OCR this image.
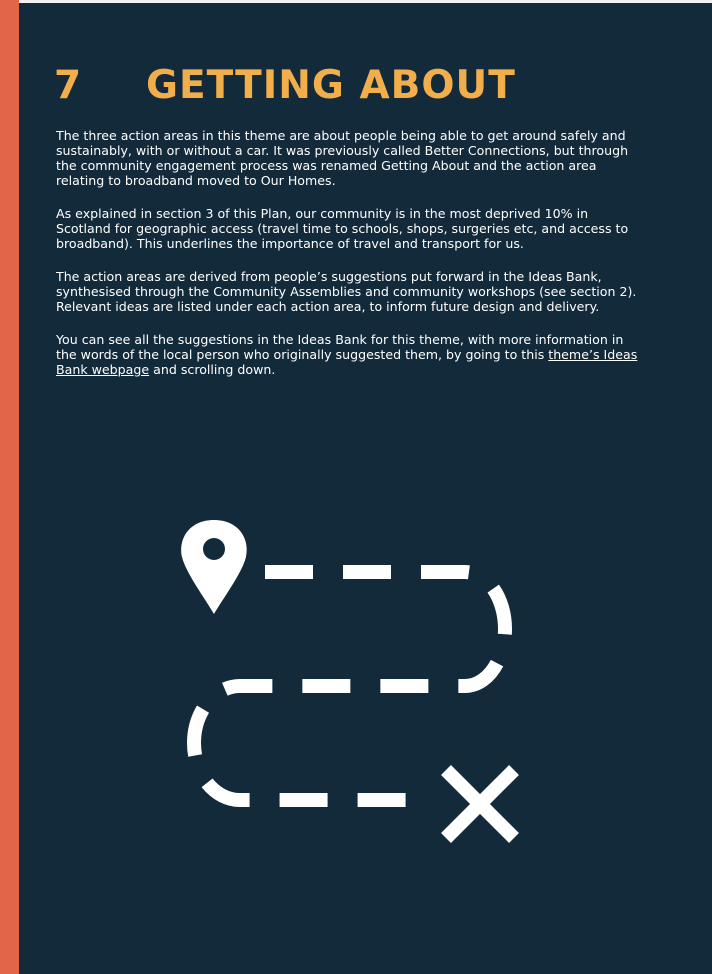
7	GETTING ABOUT

The three action areas in this theme are about people being able to get around safely and sustainably, with or without a car. It was previously called Better Connections, but through the community engagement process was renamed Getting About and the action area relating to broadband moved to Our Homes.

As explained in section 3 of this Plan, our community is in the most deprived 10% in Scotland for geographic access (travel time to schools, shops, surgeries etc, and access to broadband). This underlines the importance of travel and transport for us.

The action areas are derived from people’s suggestions put forward in the Ideas Bank, synthesised through the Community Assemblies and community workshops (see section 2). Relevant ideas are listed under each action area, to inform future design and delivery.

You can see all the suggestions in the Ideas Bank for this theme, with more information in the words of the local person who originally suggested them, by going to this theme’s Ideas Bank webpage and scrolling down.
